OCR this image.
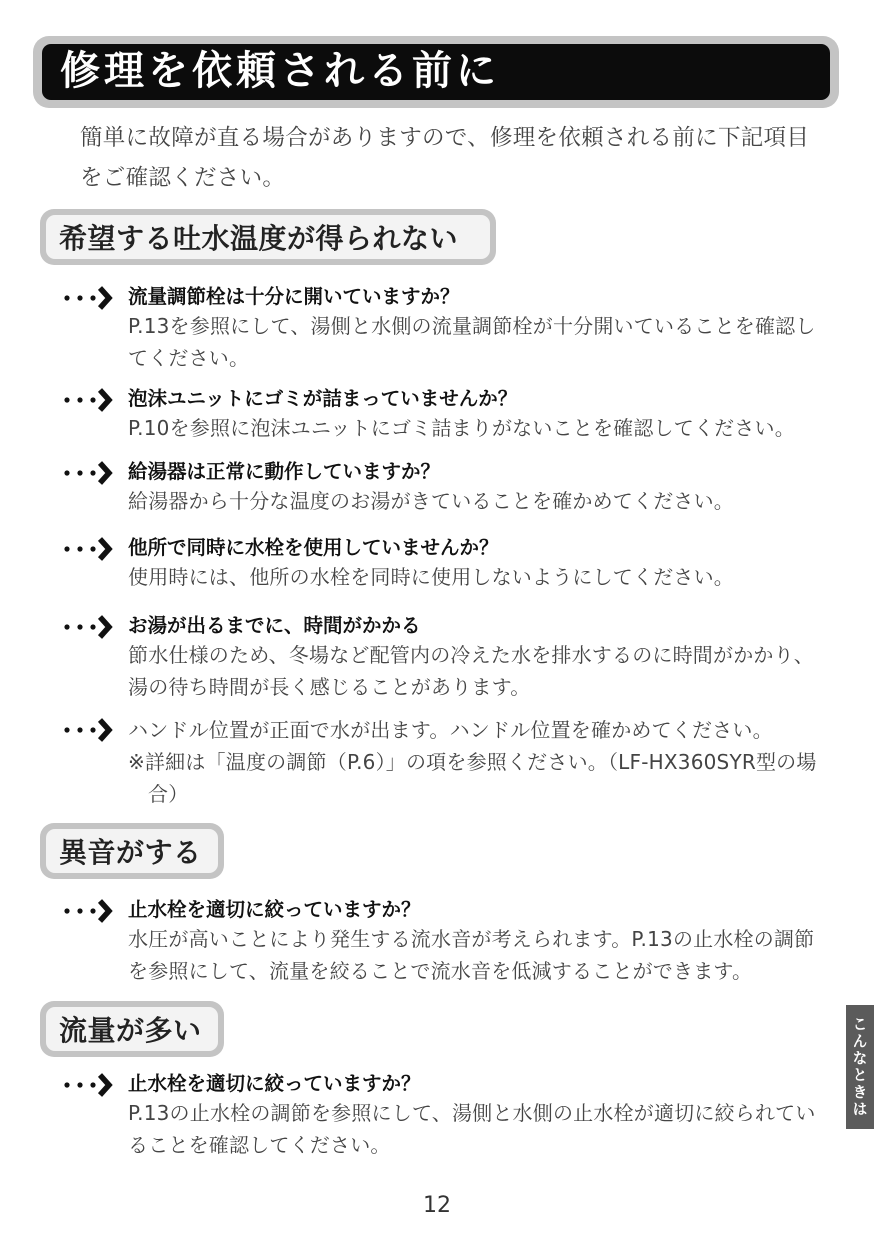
修理を依頼される前に
簡単に故障が直る場合がありますので、修理を依頼される前に下記項目をご確認ください。
希望する吐水温度が得られない
流量調節栓は十分に開いていますか？
P.13を参照にして、湯側と水側の流量調節栓が十分開いていることを確認してください。
泡沫ユニットにゴミが詰まっていませんか？
P.10を参照に泡沫ユニットにゴミ詰まりがないことを確認してください。
給湯器は正常に動作していますか？
給湯器から十分な温度のお湯がきていることを確かめてください。
他所で同時に水栓を使用していませんか？
使用時には、他所の水栓を同時に使用しないようにしてください。
お湯が出るまでに、時間がかかる
節水仕様のため、冬場など配管内の冷えた水を排水するのに時間がかかり、湯の待ち時間が長く感じることがあります。
ハンドル位置が正面で水が出ます。ハンドル位置を確かめてください。
※詳細は「温度の調節（P.6）」の項を参照ください。（LF-HX360SYR型の場合）
異音がする
止水栓を適切に絞っていますか？
水圧が高いことにより発生する流水音が考えられます。P.13の止水栓の調節を参照にして、流量を絞ることで流水音を低減することができます。
流量が多い
止水栓を適切に絞っていますか？
P.13の止水栓の調節を参照にして、湯側と水側の止水栓が適切に絞られていることを確認してください。
こんなときは
12
